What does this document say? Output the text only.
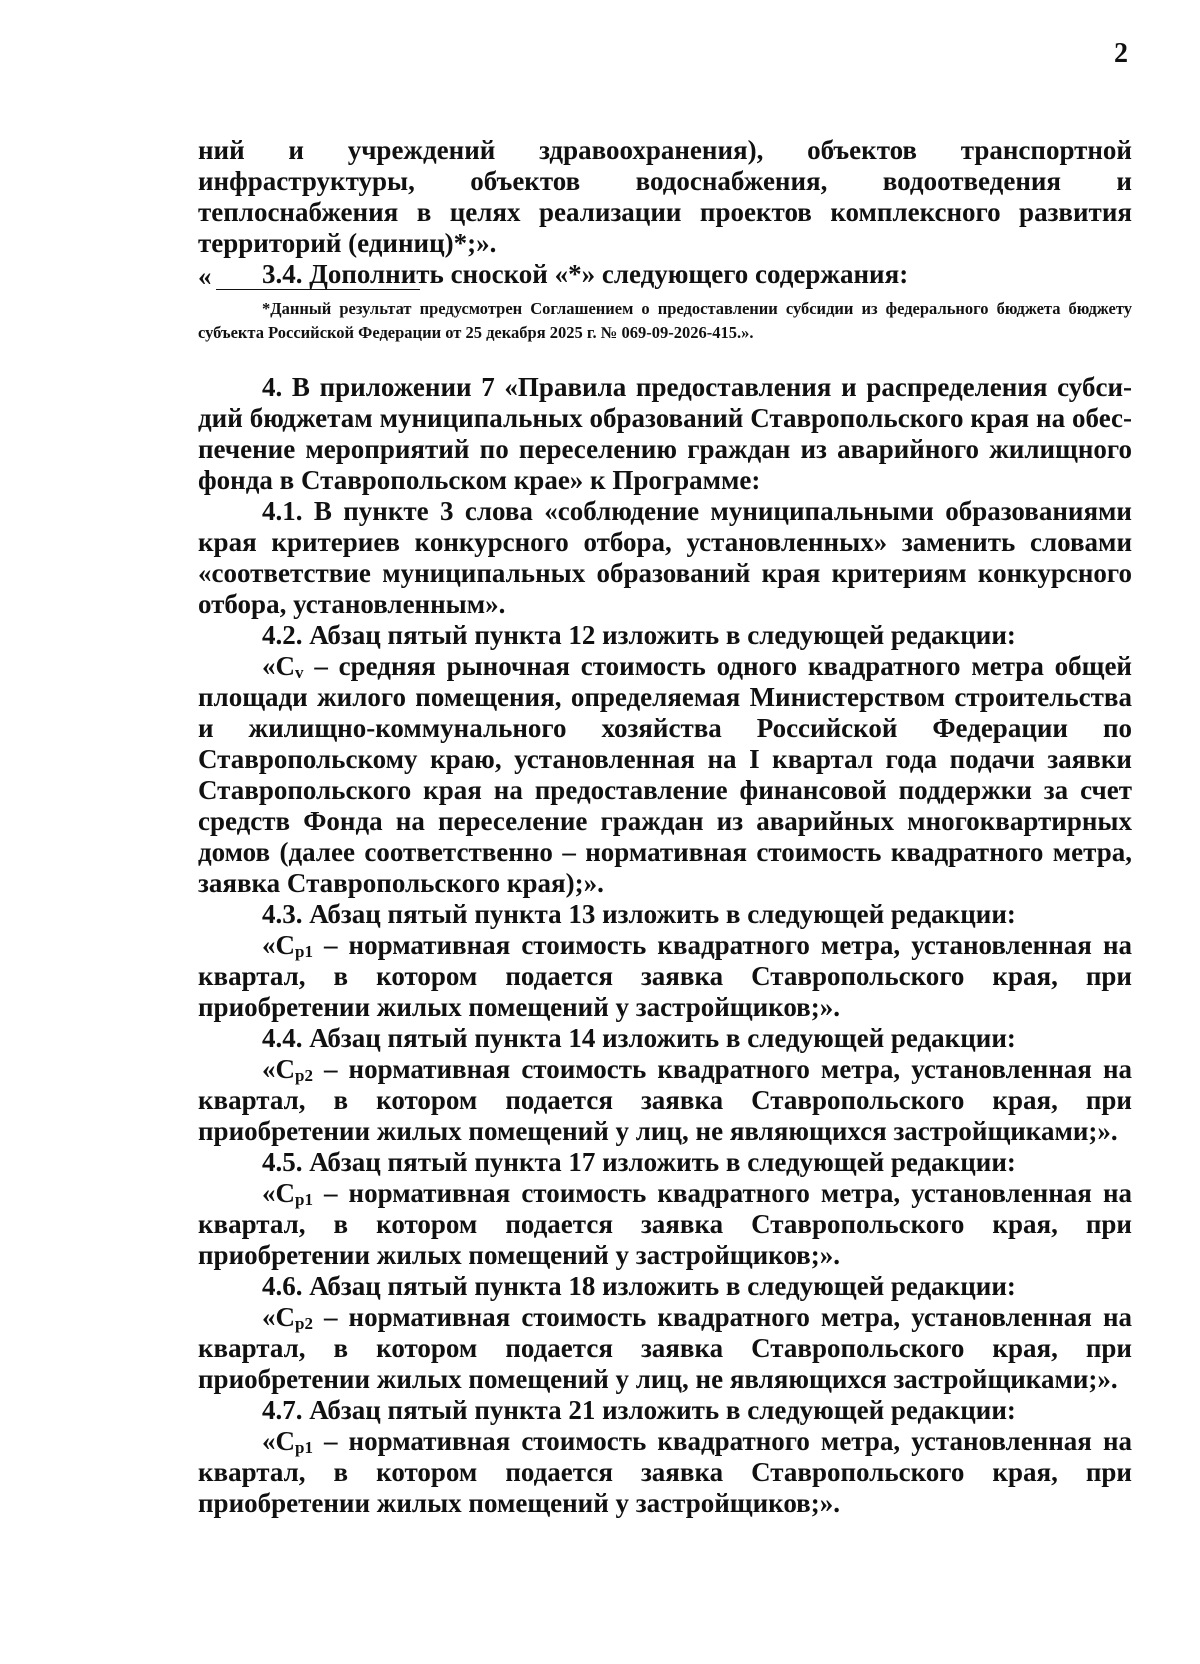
2

ний и учреждений здравоохранения), объектов транспортной инфраструктуры, объектов водоснабжения, водоотведения и теплоснабжения в целях реализации проектов комплексного развития территорий (единиц)*;».

3.4. Дополнить сноской «*» следующего содержания:

«

*Данный результат предусмотрен Соглашением о предоставлении субсидии из федерального бюджета бюджету субъекта Российской Федерации от 25 декабря 2025 г. № 069-09-2026-415.».

4. В приложении 7 «Правила предоставления и распределения субсидий бюджетам муниципальных образований Ставропольского края на обеспечение мероприятий по переселению граждан из аварийного жилищного фонда в Ставропольском крае» к Программе:

4.1. В пункте 3 слова «соблюдение муниципальными образованиями края критериев конкурсного отбора, установленных» заменить словами «соответствие муниципальных образований края критериям конкурсного отбора, установленным».

4.2. Абзац пятый пункта 12 изложить в следующей редакции:

«$С_v$ – средняя рыночная стоимость одного квадратного метра общей площади жилого помещения, определяемая Министерством строительства и жилищно-коммунального хозяйства Российской Федерации по Ставропольскому краю, установленная на I квартал года подачи заявки Ставропольского края на предоставление финансовой поддержки за счет средств Фонда на переселение граждан из аварийных многоквартирных домов (далее соответственно – нормативная стоимость квадратного метра, заявка Ставропольского края);».

4.3. Абзац пятый пункта 13 изложить в следующей редакции:

«$С_{p1}$ – нормативная стоимость квадратного метра, установленная на квартал, в котором подается заявка Ставропольского края, при приобретении жилых помещений у застройщиков;».

4.4. Абзац пятый пункта 14 изложить в следующей редакции:

«$С_{p2}$ – нормативная стоимость квадратного метра, установленная на квартал, в котором подается заявка Ставропольского края, при приобретении жилых помещений у лиц, не являющихся застройщиками;».

4.5. Абзац пятый пункта 17 изложить в следующей редакции:

«$С_{p1}$ – нормативная стоимость квадратного метра, установленная на квартал, в котором подается заявка Ставропольского края, при приобретении жилых помещений у застройщиков;».

4.6. Абзац пятый пункта 18 изложить в следующей редакции:

«$С_{p2}$ – нормативная стоимость квадратного метра, установленная на квартал, в котором подается заявка Ставропольского края, при приобретении жилых помещений у лиц, не являющихся застройщиками;».

4.7. Абзац пятый пункта 21 изложить в следующей редакции:

«$С_{p1}$ – нормативная стоимость квадратного метра, установленная на квартал, в котором подается заявка Ставропольского края, при приобретении жилых помещений у застройщиков;».
